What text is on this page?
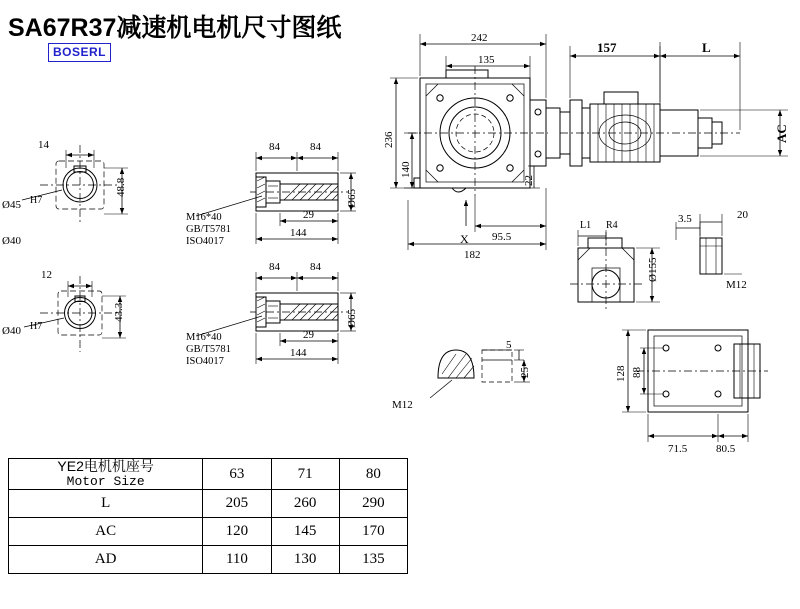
SA67R37减速机电机尺寸图纸
BOSERL
14
Ø45 H7
48.8
Ø40
12
Ø40 H7
43.3
84	84
29
144
Ø65
M16*40
GB/T5781
ISO4017
84	84
29
144
Ø65
M16*40
GB/T5781
ISO4017
242
135
157	L
AC
236
140
22
95.5
182
X
L1 R4
3.5	20
M12
Ø155
128 88
71.5	80.5
5
25
M12
YE2电机机座号
Motor Size	63	71	80
L	205	260	290
AC	120	145	170
AD	110	130	135
